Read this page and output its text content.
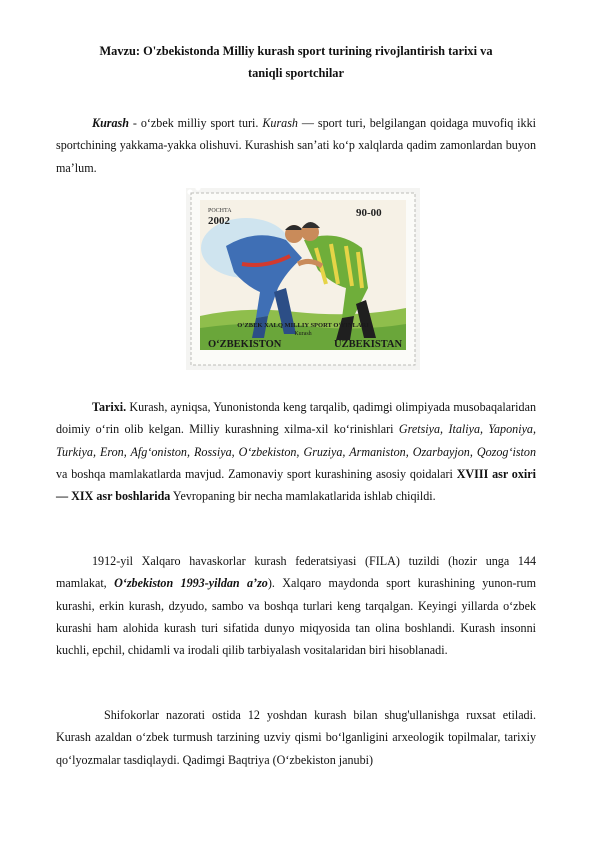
Mavzu: O'zbekistonda Milliy kurash sport turining rivojlantirish tarixi va
taniqli sportchilar

Kurash - o‘zbek milliy sport turi. Kurash — sport turi, belgilangan qoidaga muvofiq ikki sportchining yakkama-yakka olishuvi. Kurashish san’ati ko‘p xalqlarda qadim zamonlardan buyon ma’lum.

POCHTA
2002
90-00
O‘ZBEK XALQ MILLIY SPORT O‘YINLARI
Kurash
O‘ZBEKISTON	UZBEKISTAN

Tarixi. Kurash, ayniqsa, Yunonistonda keng tarqalib, qadimgi olimpiyada musobaqalaridan doimiy o‘rin olib kelgan. Milliy kurashning xilma-xil ko‘rinishlari Gretsiya, Italiya, Yaponiya, Turkiya, Eron, Afg‘oniston, Rossiya, O‘zbekiston, Gruziya, Armaniston, Ozarbayjon, Qozog‘iston va boshqa mamlakatlarda mavjud. Zamonaviy sport kurashining asosiy qoidalari XVIII asr oxiri — XIX asr boshlarida Yevropaning bir necha mamlakatlarida ishlab chiqildi.

1912-yil Xalqaro havaskorlar kurash federatsiyasi (FILA) tuzildi (hozir unga 144 mamlakat, O‘zbekiston 1993-yildan a’zo). Xalqaro maydonda sport kurashining yunon-rum kurashi, erkin kurash, dzyudo, sambo va boshqa turlari keng tarqalgan. Keyingi yillarda o‘zbek kurashi ham alohida kurash turi sifatida dunyo miqyosida tan olina boshlandi. Kurash insonni kuchli, epchil, chidamli va irodali qilib tarbiyalash vositalaridan biri hisoblanadi.

Shifokorlar nazorati ostida 12 yoshdan kurash bilan shug'ullanishga ruxsat etiladi. Kurash azaldan o‘zbek turmush tarzining uzviy qismi bo‘lganligini arxeologik topilmalar, tarixiy qo‘lyozmalar tasdiqlaydi. Qadimgi Baqtriya (O‘zbekiston janubi)
